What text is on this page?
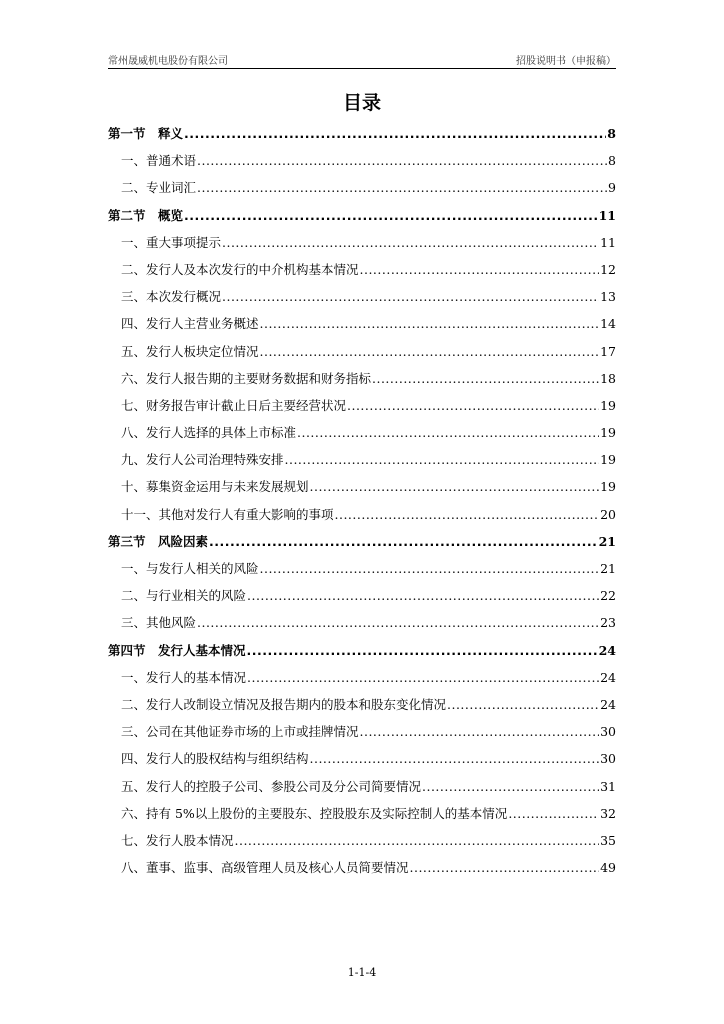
常州晟威机电股份有限公司	招股说明书（申报稿）
目录
第一节　释义 .....	8
一、普通术语 .....	8
二、专业词汇 .....	9
第二节　概览 .....	11
一、重大事项提示 .....	11
二、发行人及本次发行的中介机构基本情况 .....	12
三、本次发行概况 .....	13
四、发行人主营业务概述 .....	14
五、发行人板块定位情况 .....	17
六、发行人报告期的主要财务数据和财务指标 .....	18
七、财务报告审计截止日后主要经营状况 .....	19
八、发行人选择的具体上市标准 .....	19
九、发行人公司治理特殊安排 .....	19
十、募集资金运用与未来发展规划 .....	19
十一、其他对发行人有重大影响的事项 .....	20
第三节　风险因素 .....	21
一、与发行人相关的风险 .....	21
二、与行业相关的风险 .....	22
三、其他风险 .....	23
第四节　发行人基本情况 .....	24
一、发行人的基本情况 .....	24
二、发行人改制设立情况及报告期内的股本和股东变化情况 .....	24
三、公司在其他证券市场的上市或挂牌情况 .....	30
四、发行人的股权结构与组织结构 .....	30
五、发行人的控股子公司、参股公司及分公司简要情况 .....	31
六、持有 5%以上股份的主要股东、控股股东及实际控制人的基本情况 .....	32
七、发行人股本情况 .....	35
八、董事、监事、高级管理人员及核心人员简要情况 .....	49
1-1-4
